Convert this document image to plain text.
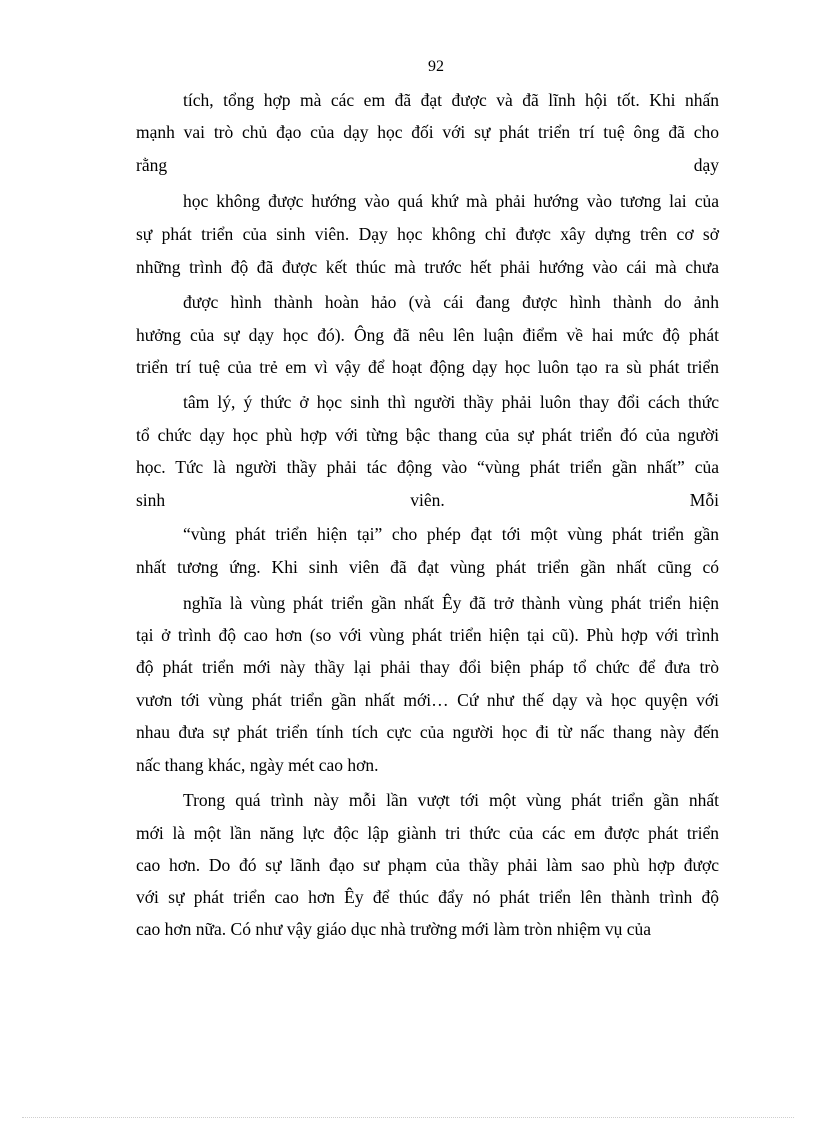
92
tích, tổng hợp mà các em đã đạt được và đã lĩnh hội tốt. Khi nhấn
mạnh vai trò chủ đạo của dạy học đối với sự phát triển trí tuệ ông đã cho
rằng	dạy
học không được hướng vào quá khứ mà phải hướng vào tương lai của
sự phát triển của sinh viên. Dạy học không chỉ được xây dựng trên cơ sở
những trình độ đã được kết thúc mà trước hết phải hướng vào cái mà chưa
được hình thành hoàn hảo (và cái đang được hình thành do ảnh
hưởng của sự dạy học đó). Ông đã nêu lên luận điểm về hai mức độ phát
triển trí tuệ của trẻ em vì vậy để hoạt động dạy học luôn tạo ra sù phát triển
tâm lý, ý thức ở học sinh thì người thầy phải luôn thay đổi cách thức
tổ chức dạy học phù hợp với từng bậc thang của sự phát triển đó của người
học. Tức là người thầy phải tác động vào “vùng phát triển gần nhất” của
sinh	viên.	Mỗi
“vùng phát triển hiện tại” cho phép đạt tới một vùng phát triển gần
nhất tương ứng. Khi sinh viên đã đạt vùng phát triển gần nhất cũng có
nghĩa là vùng phát triển gần nhất Êy đã trở thành vùng phát triển hiện
tại ở trình độ cao hơn (so với vùng phát triển hiện tại cũ). Phù hợp với trình
độ phát triển mới này thầy lại phải thay đổi biện pháp tổ chức để đưa trò
vươn tới vùng phát triển gần nhất mới… Cứ như thế dạy và học quyện với
nhau đưa sự phát triển tính tích cực của người học đi từ nấc thang này đến
nấc thang khác, ngày mét cao hơn.
Trong quá trình này mỗi lần vượt tới một vùng phát triển gần nhất
mới là một lần năng lực độc lập giành tri thức của các em được phát triển
cao hơn. Do đó sự lãnh đạo sư phạm của thầy phải làm sao phù hợp được
với sự phát triển cao hơn Êy để thúc đẩy nó phát triển lên thành trình độ
cao hơn nữa. Có như vậy giáo dục nhà trường mới làm tròn nhiệm vụ của
